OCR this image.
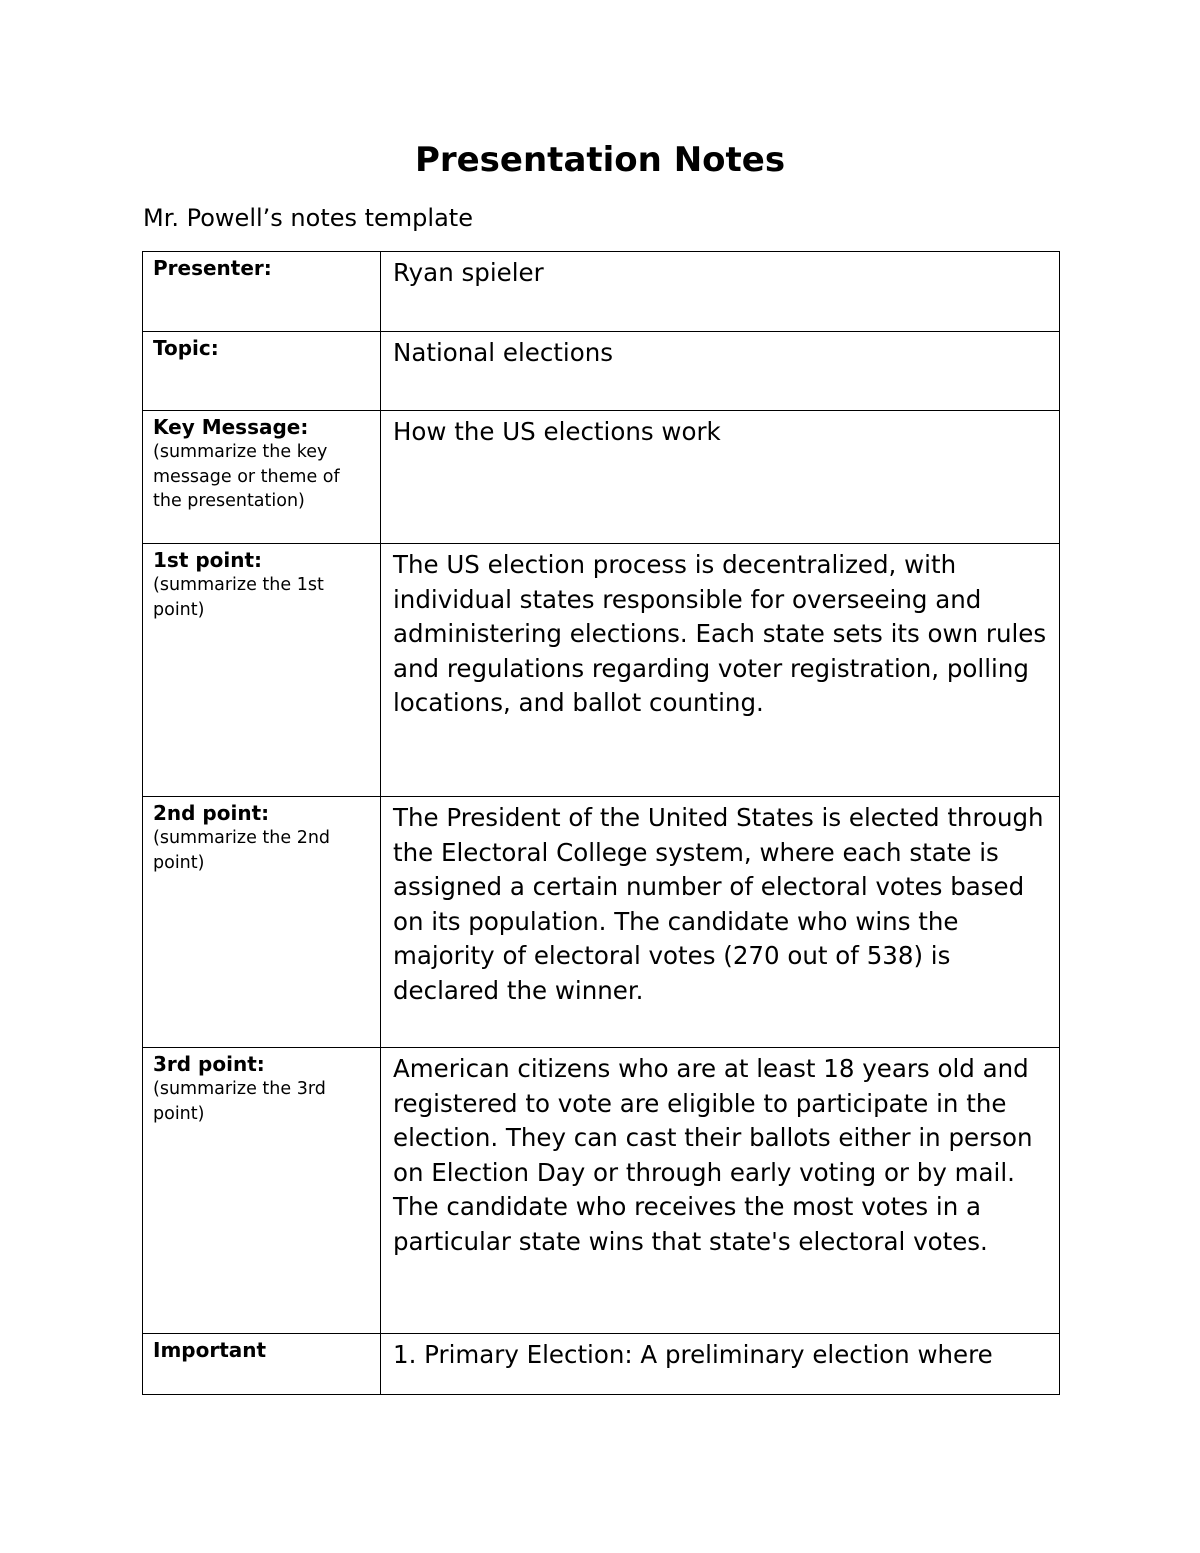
Presentation Notes

Mr. Powell’s notes template

Presenter:	Ryan spieler

Topic:	National elections

Key Message:
(summarize the key message or theme of the presentation)	How the US elections work

1st point:
(summarize the 1st point)	The US election process is decentralized, with individual states responsible for overseeing and administering elections. Each state sets its own rules and regulations regarding voter registration, polling locations, and ballot counting.

2nd point:
(summarize the 2nd point)	The President of the United States is elected through the Electoral College system, where each state is assigned a certain number of electoral votes based on its population. The candidate who wins the majority of electoral votes (270 out of 538) is declared the winner.

3rd point:
(summarize the 3rd point)	American citizens who are at least 18 years old and registered to vote are eligible to participate in the election. They can cast their ballots either in person on Election Day or through early voting or by mail. The candidate who receives the most votes in a particular state wins that state's electoral votes.

Important	1. Primary Election: A preliminary election where
